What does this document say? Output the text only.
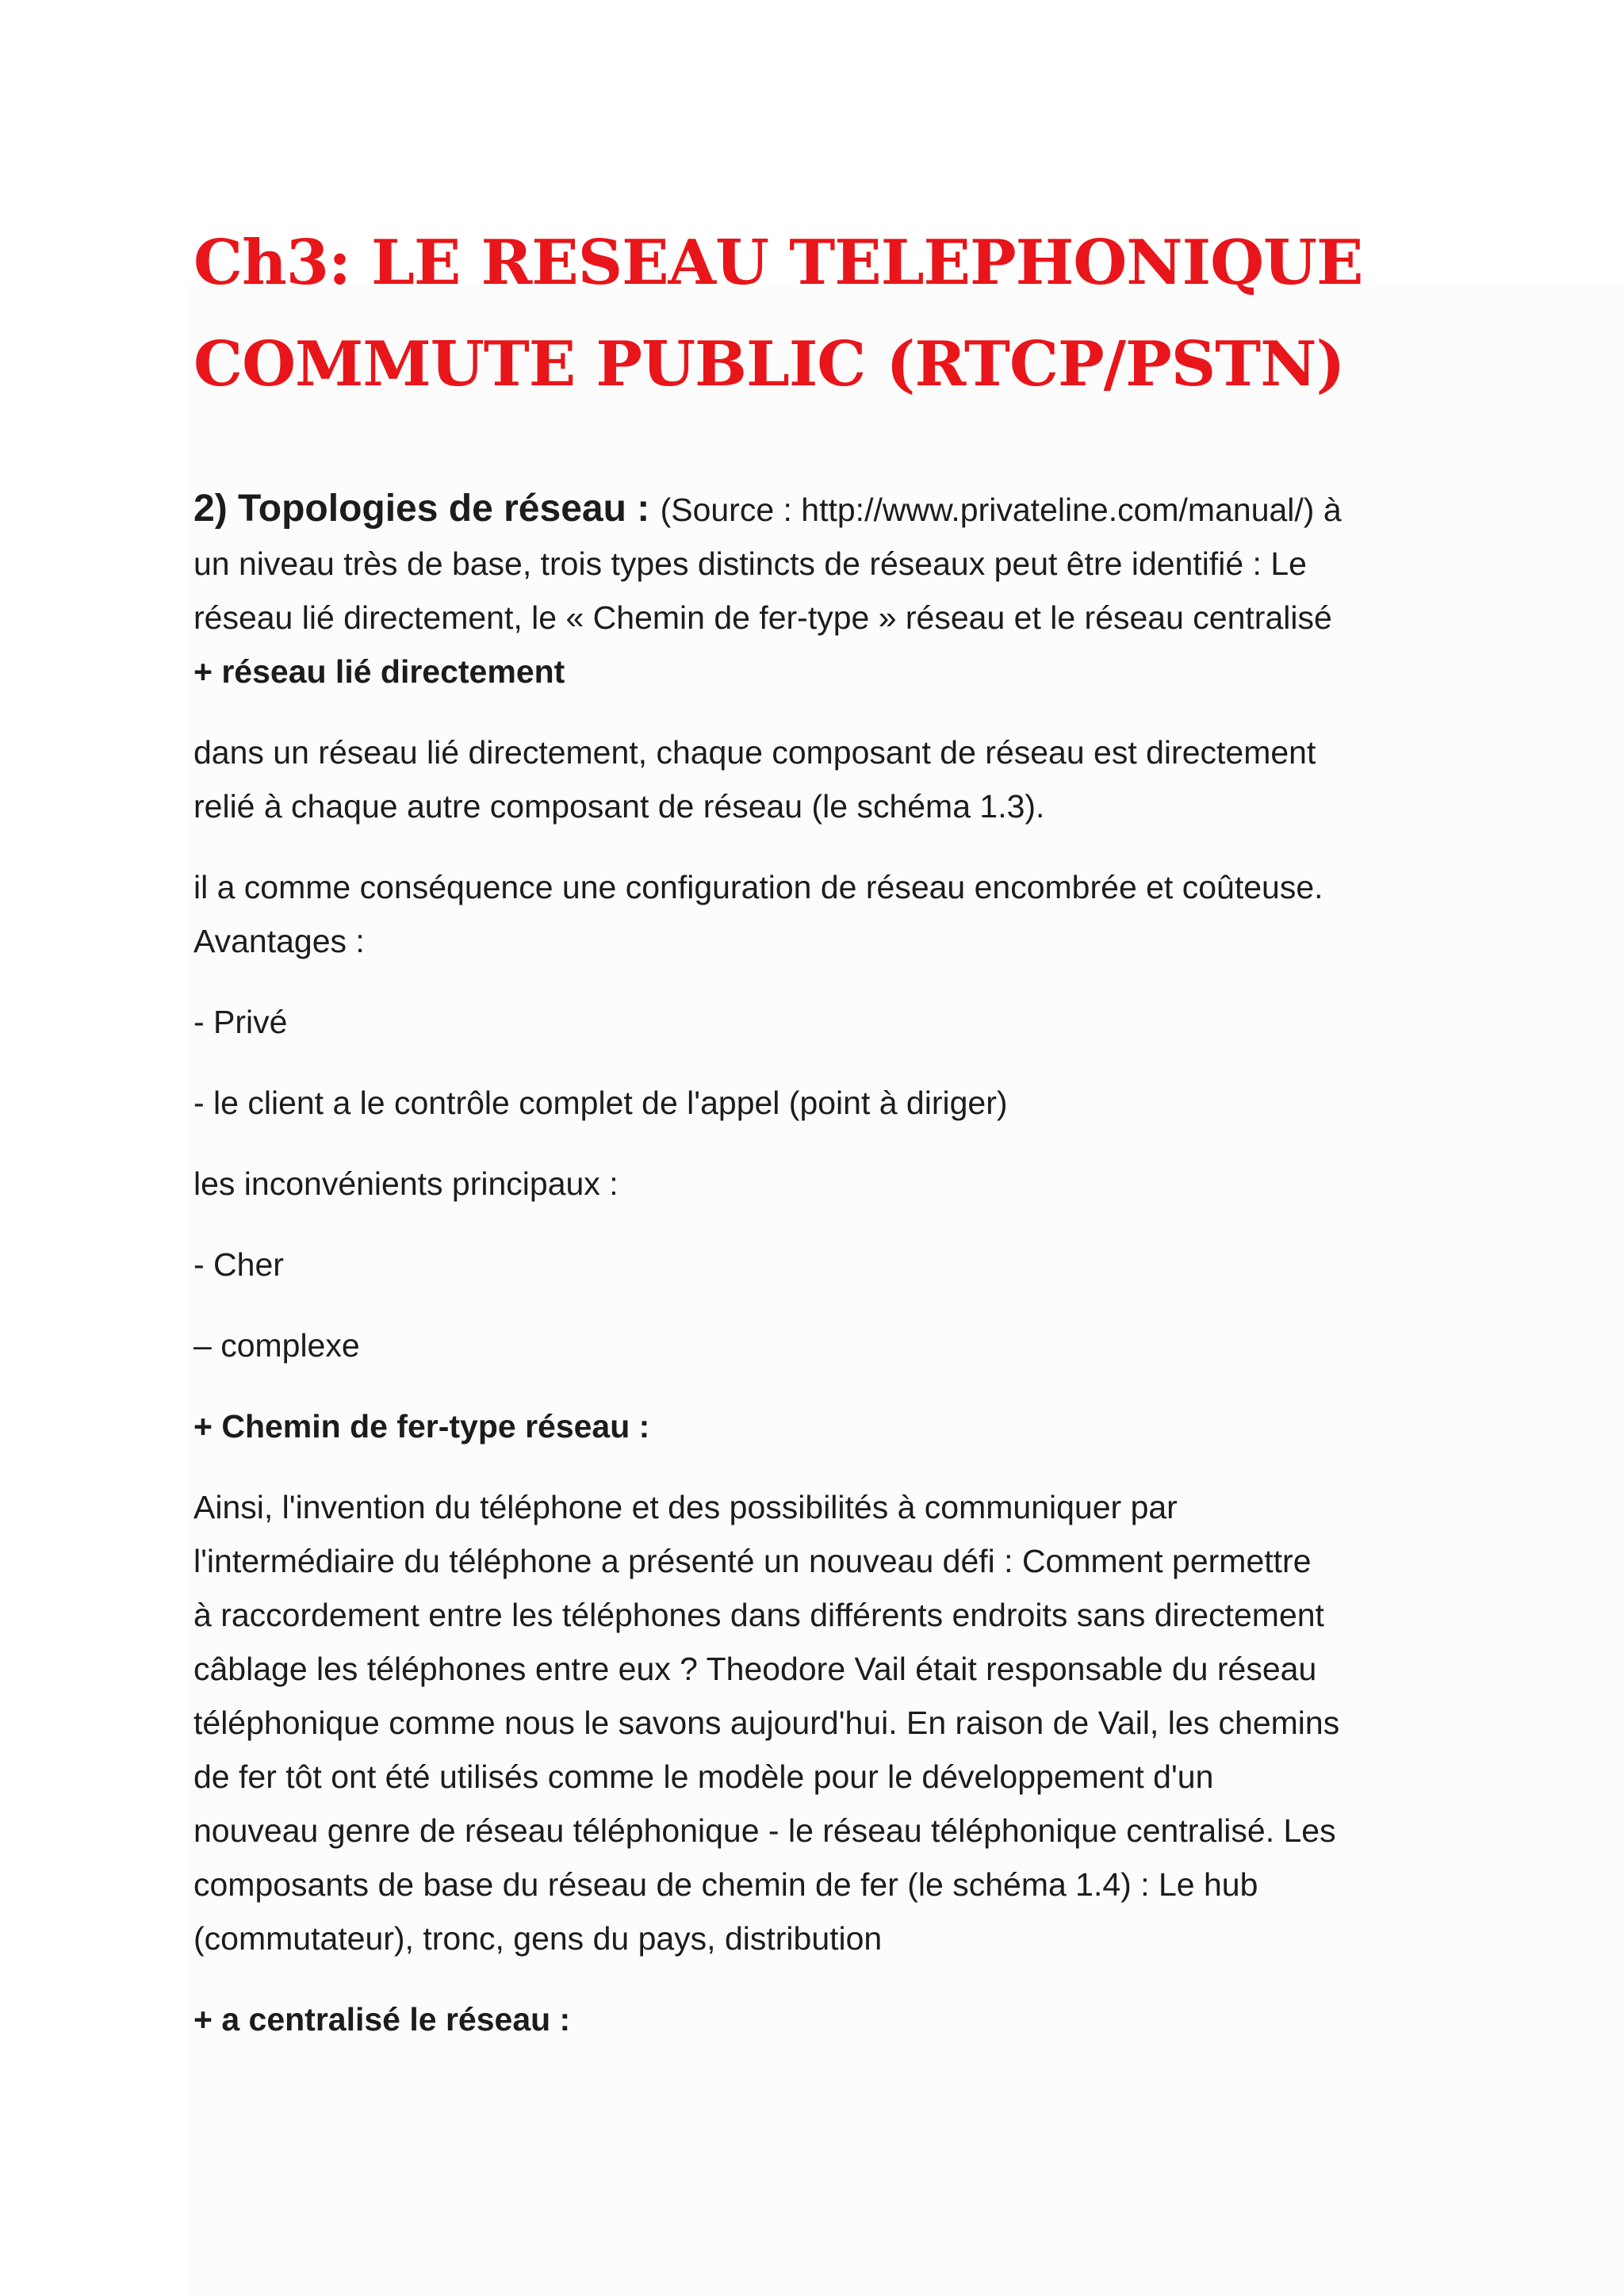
Ch3: LE RESEAU TELEPHONIQUE
COMMUTE PUBLIC (RTCP/PSTN)

2) Topologies de réseau : (Source : http://www.privateline.com/manual/) à
un niveau très de base, trois types distincts de réseaux peut être identifié : Le
réseau lié directement, le « Chemin de fer-type » réseau et le réseau centralisé
+ réseau lié directement

dans un réseau lié directement, chaque composant de réseau est directement
relié à chaque autre composant de réseau (le schéma 1.3).

il a comme conséquence une configuration de réseau encombrée et coûteuse.
Avantages :

- Privé

- le client a le contrôle complet de l'appel (point à diriger)

les inconvénients principaux :

- Cher

– complexe

+ Chemin de fer-type réseau :

Ainsi, l'invention du téléphone et des possibilités à communiquer par
l'intermédiaire du téléphone a présenté un nouveau défi : Comment permettre
à raccordement entre les téléphones dans différents endroits sans directement
câblage les téléphones entre eux ? Theodore Vail était responsable du réseau
téléphonique comme nous le savons aujourd'hui. En raison de Vail, les chemins
de fer tôt ont été utilisés comme le modèle pour le développement d'un
nouveau genre de réseau téléphonique - le réseau téléphonique centralisé. Les
composants de base du réseau de chemin de fer (le schéma 1.4) : Le hub
(commutateur), tronc, gens du pays, distribution

+ a centralisé le réseau :
